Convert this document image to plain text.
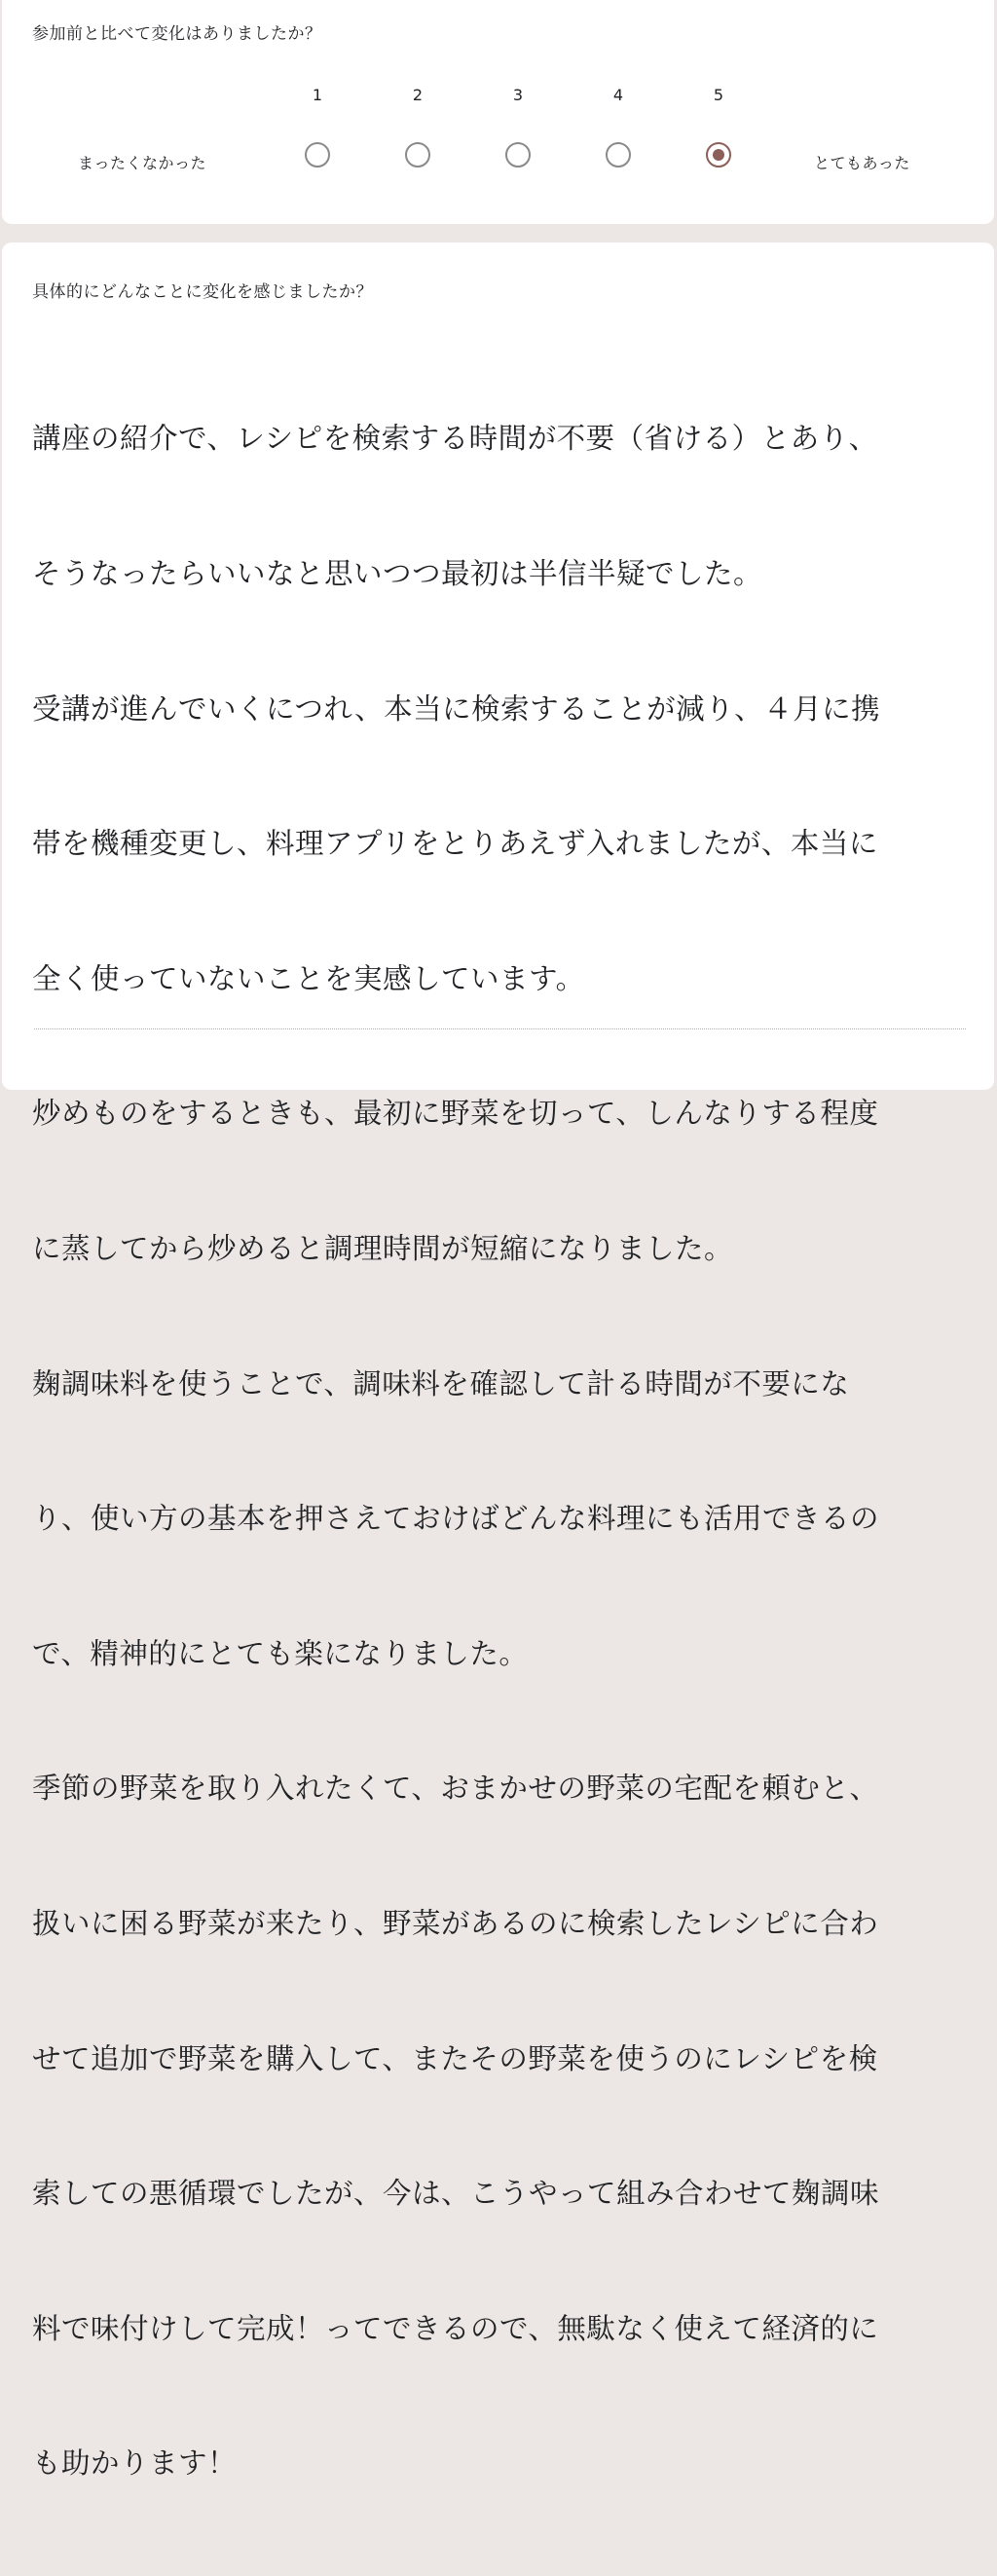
参加前と比べて変化はありましたか？
1	2	3	4	5
まったくなかった	とてもあった
具体的にどんなことに変化を感じましたか？

講座の紹介で、レシピを検索する時間が不要（省ける）とあり、

そうなったらいいなと思いつつ最初は半信半疑でした。

受講が進んでいくにつれ、本当に検索することが減り、４月に携

帯を機種変更し、料理アプリをとりあえず入れましたが、本当に

全く使っていないことを実感しています。

炒めものをするときも、最初に野菜を切って、しんなりする程度

に蒸してから炒めると調理時間が短縮になりました。

麹調味料を使うことで、調味料を確認して計る時間が不要にな

り、使い方の基本を押さえておけばどんな料理にも活用できるの

で、精神的にとても楽になりました。

季節の野菜を取り入れたくて、おまかせの野菜の宅配を頼むと、

扱いに困る野菜が来たり、野菜があるのに検索したレシピに合わ

せて追加で野菜を購入して、またその野菜を使うのにレシピを検

索しての悪循環でしたが、今は、こうやって組み合わせて麹調味

料で味付けして完成！ってできるので、無駄なく使えて経済的に

も助かります！
